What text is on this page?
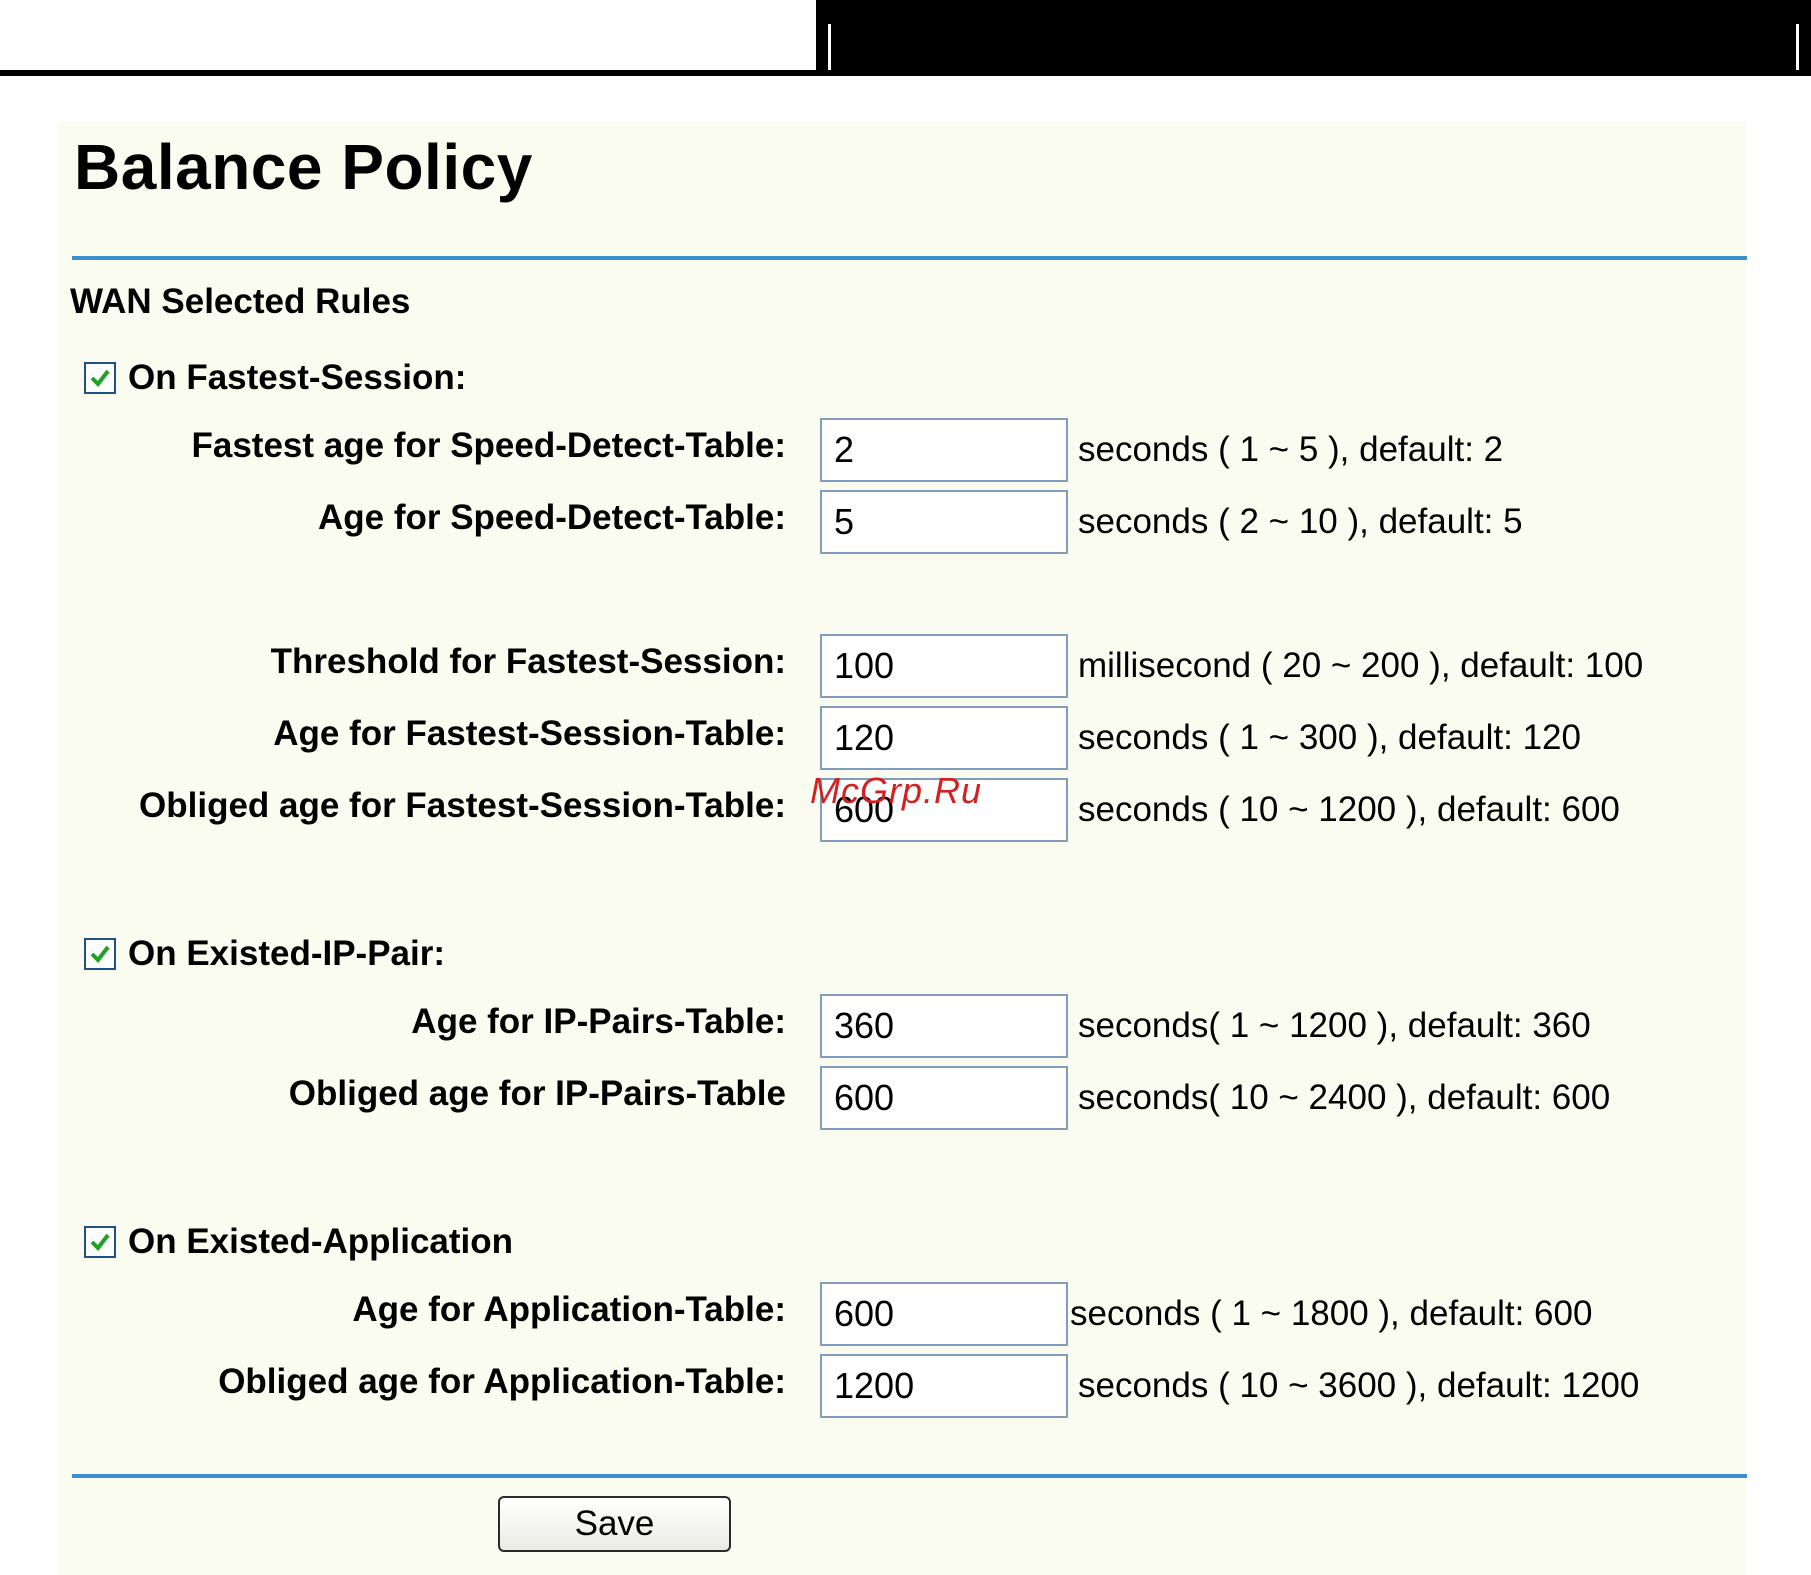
Balance Policy
WAN Selected Rules
On Fastest-Session:
Fastest age for Speed-Detect-Table:
2	seconds ( 1 ~ 5 ), default: 2
Age for Speed-Detect-Table:
5	seconds ( 2 ~ 10 ), default: 5
Threshold for Fastest-Session:
100	millisecond ( 20 ~ 200 ), default: 100
Age for Fastest-Session-Table:
120	seconds ( 1 ~ 300 ), default: 120
Obliged age for Fastest-Session-Table:
600	seconds ( 10 ~ 1200 ), default: 600
On Existed-IP-Pair:
Age for IP-Pairs-Table:
360	seconds( 1 ~ 1200 ), default: 360
Obliged age for IP-Pairs-Table
600	seconds( 10 ~ 2400 ), default: 600
On Existed-Application
Age for Application-Table:
600	seconds ( 1 ~ 1800 ), default: 600
Obliged age for Application-Table:
1200	seconds ( 10 ~ 3600 ), default: 1200
Save
McGrp.Ru
